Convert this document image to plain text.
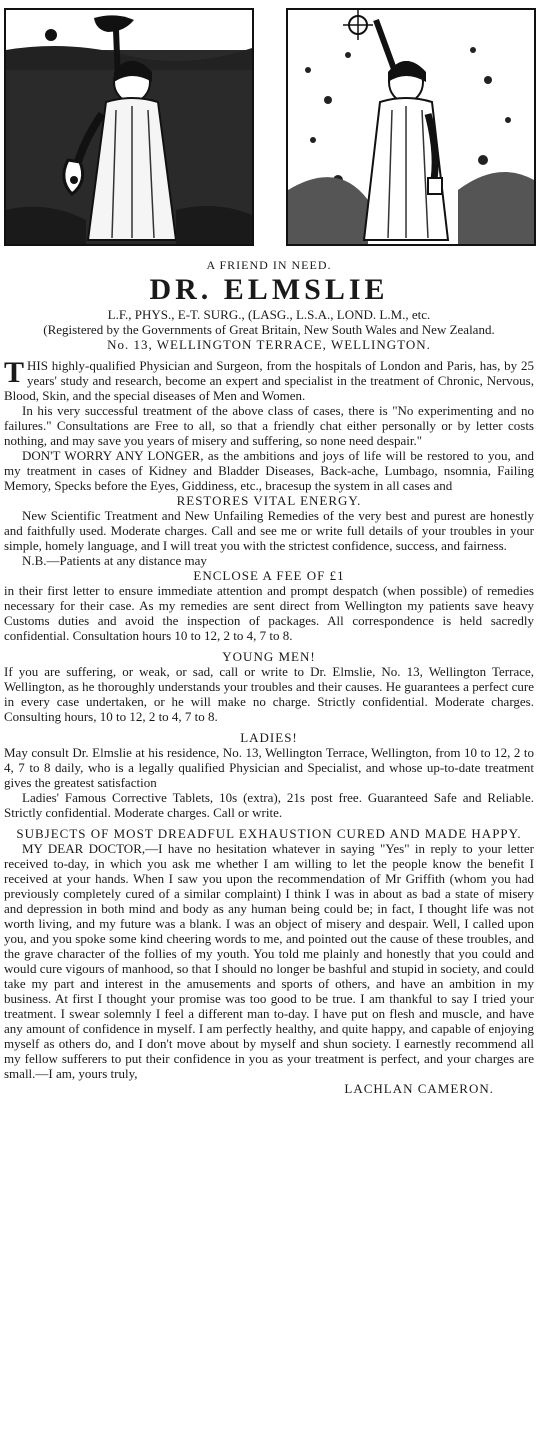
A FRIEND IN NEED.

DR. ELMSLIE

L.F., PHYS., E-T. SURG., (LASG., L.S.A., LOND. L.M., etc.

(Registered by the Governments of Great Britain, New South Wales and New Zealand.

No. 13, WELLINGTON TERRACE, WELLINGTON.

THIS highly-qualified Physician and Surgeon, from the hospitals of London and Paris, has, by 25 years' study and research, become an expert and specialist in the treatment of Chronic, Nervous, Blood, Skin, and the special diseases of Men and Women.

In his very successful treatment of the above class of cases, there is "No experimenting and no failures." Consultations are Free to all, so that a friendly chat either personally or by letter costs nothing, and may save you years of misery and suffering, so none need despair."

DON'T WORRY ANY LONGER, as the ambitions and joys of life will be restored to you, and my treatment in cases of Kidney and Bladder Diseases, Back-ache, Lumbago, nsomnia, Failing Memory, Specks before the Eyes, Giddiness, etc., bracesup the system in all cases and

RESTORES VITAL ENERGY.

New Scientific Treatment and New Unfailing Remedies of the very best and purest are honestly and faithfully used. Moderate charges. Call and see me or write full details of your troubles in your simple, homely language, and I will treat you with the strictest confidence, success, and fairness.

N.B.—Patients at any distance may

ENCLOSE A FEE OF £1

in their first letter to ensure immediate attention and prompt despatch (when possible) of remedies necessary for their case. As my remedies are sent direct from Wellington my patients save heavy Customs duties and avoid the inspection of packages. All correspondence is held sacredly confidential. Consultation hours 10 to 12, 2 to 4, 7 to 8.

YOUNG MEN!

If you are suffering, or weak, or sad, call or write to Dr. Elmslie, No. 13, Wellington Terrace, Wellington, as he thoroughly understands your troubles and their causes. He guarantees a perfect cure in every case undertaken, or he will make no charge. Strictly confidential. Moderate charges. Consulting hours, 10 to 12, 2 to 4, 7 to 8.

LADIES!

May consult Dr. Elmslie at his residence, No. 13, Wellington Terrace, Wellington, from 10 to 12, 2 to 4, 7 to 8 daily, who is a legally qualified Physician and Specialist, and whose up-to-date treatment gives the greatest satisfaction

Ladies' Famous Corrective Tablets, 10s (extra), 21s post free. Guaranteed Safe and Reliable. Strictly confidential. Moderate charges. Call or write.

SUBJECTS OF MOST DREADFUL EXHAUSTION CURED AND MADE HAPPY.

MY DEAR DOCTOR,—I have no hesitation whatever in saying "Yes" in reply to your letter received to-day, in which you ask me whether I am willing to let the people know the benefit I received at your hands. When I saw you upon the recommendation of Mr Griffith (whom you had previously completely cured of a similar complaint) I think I was in about as bad a state of misery and depression in both mind and body as any human being could be; in fact, I thought life was not worth living, and my future was a blank. I was an object of misery and despair. Well, I called upon you, and you spoke some kind cheering words to me, and pointed out the cause of these troubles, and the grave character of the follies of my youth. You told me plainly and honestly that you could and would cure vigours of manhood, so that I should no longer be bashful and stupid in society, and could take my part and interest in the amusements and sports of others, and have an ambition in my business. At first I thought your promise was too good to be true. I am thankful to say I tried your treatment. I swear solemnly I feel a different man to-day. I have put on flesh and muscle, and have any amount of confidence in myself. I am perfectly healthy, and quite happy, and capable of enjoying myself as others do, and I don't move about by myself and shun society. I earnestly recommend all my fellow sufferers to put their confidence in you as your treatment is perfect, and your charges are small.—I am, yours truly,

LACHLAN CAMERON.
